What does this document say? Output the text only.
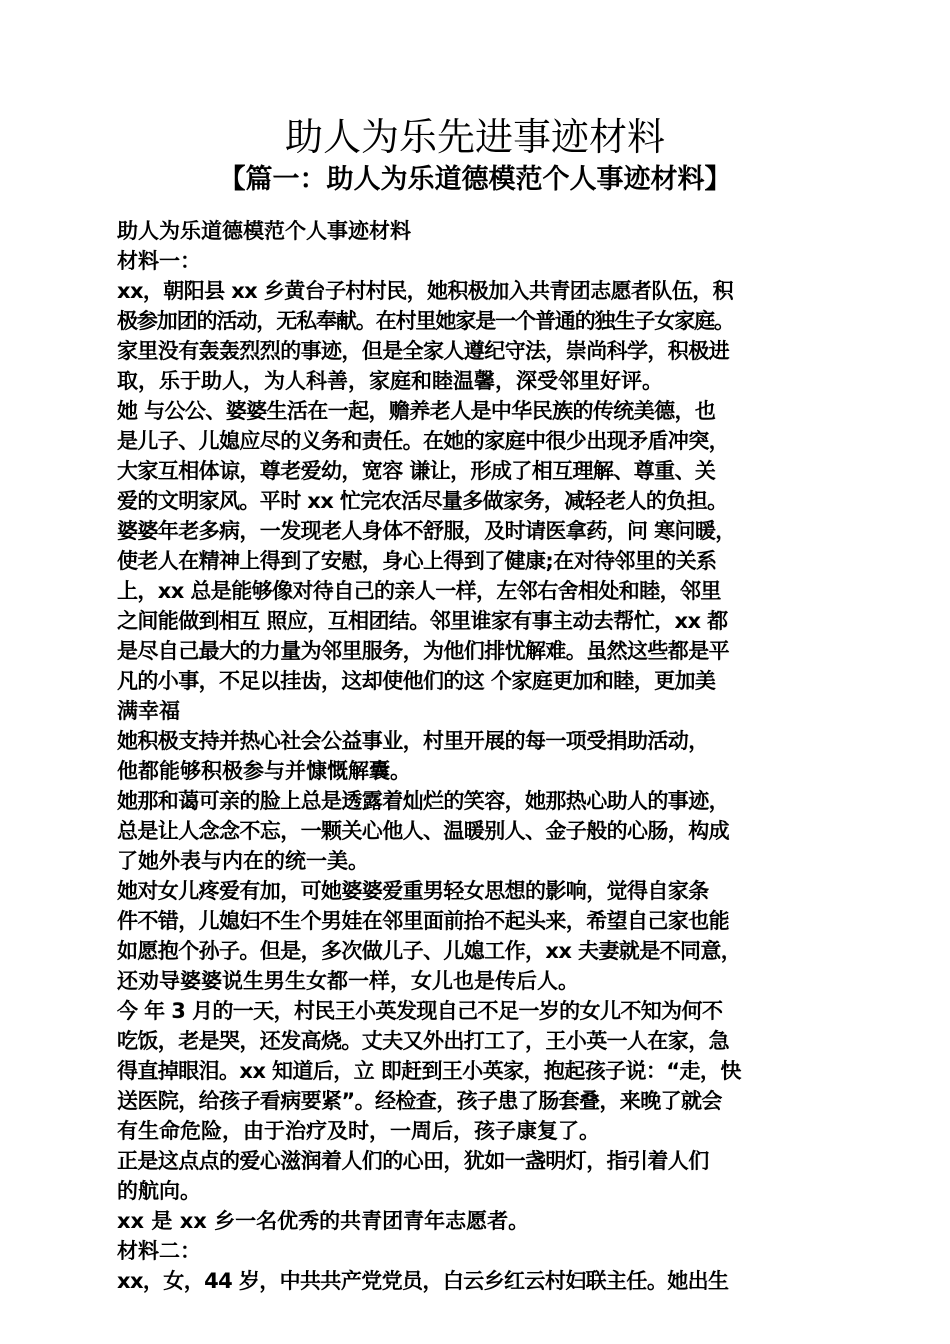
助人为乐先进事迹材料
【篇一：助人为乐道德模范个人事迹材料】
助人为乐道德模范个人事迹材料
材料一：
xx，朝阳县 xx 乡黄台子村村民，她积极加入共青团志愿者队伍，积
极参加团的活动，无私奉献。在村里她家是一个普通的独生子女家庭。
家里没有轰轰烈烈的事迹，但是全家人遵纪守法，崇尚科学，积极进
取，乐于助人，为人科善，家庭和睦温馨，深受邻里好评。
她 与公公、婆婆生活在一起，赡养老人是中华民族的传统美德，也
是儿子、儿媳应尽的义务和责任。在她的家庭中很少出现矛盾冲突，
大家互相体谅，尊老爱幼，宽容 谦让，形成了相互理解、尊重、关
爱的文明家风。平时 xx 忙完农活尽量多做家务，减轻老人的负担。
婆婆年老多病，一发现老人身体不舒服，及时请医拿药，问 寒问暖，
使老人在精神上得到了安慰，身心上得到了健康;在对待邻里的关系
上，xx 总是能够像对待自己的亲人一样，左邻右舍相处和睦，邻里
之间能做到相互 照应，互相团结。邻里谁家有事主动去帮忙，xx 都
是尽自己最大的力量为邻里服务，为他们排忧解难。虽然这些都是平
凡的小事，不足以挂齿，这却使他们的这 个家庭更加和睦，更加美
满幸福
她积极支持并热心社会公益事业，村里开展的每一项受捐助活动，
他都能够积极参与并慷慨解囊。
她那和蔼可亲的脸上总是透露着灿烂的笑容，她那热心助人的事迹，
总是让人念念不忘，一颗关心他人、温暖别人、金子般的心肠，构成
了她外表与内在的统一美。
她对女儿疼爱有加，可她婆婆爱重男轻女思想的影响，觉得自家条
件不错，儿媳妇不生个男娃在邻里面前抬不起头来，希望自己家也能
如愿抱个孙子。但是，多次做儿子、儿媳工作，xx 夫妻就是不同意，
还劝导婆婆说生男生女都一样，女儿也是传后人。
今 年 3 月的一天，村民王小英发现自己不足一岁的女儿不知为何不
吃饭，老是哭，还发高烧。丈夫又外出打工了，王小英一人在家，急
得直掉眼泪。xx 知道后，立 即赶到王小英家，抱起孩子说：“走，快
送医院，给孩子看病要紧”。经检查，孩子患了肠套叠，来晚了就会
有生命危险，由于治疗及时，一周后，孩子康复了。
正是这点点的爱心滋润着人们的心田，犹如一盏明灯，指引着人们
的航向。
xx 是 xx 乡一名优秀的共青团青年志愿者。
材料二：
xx，女，44 岁，中共共产党党员，白云乡红云村妇联主任。她出生
